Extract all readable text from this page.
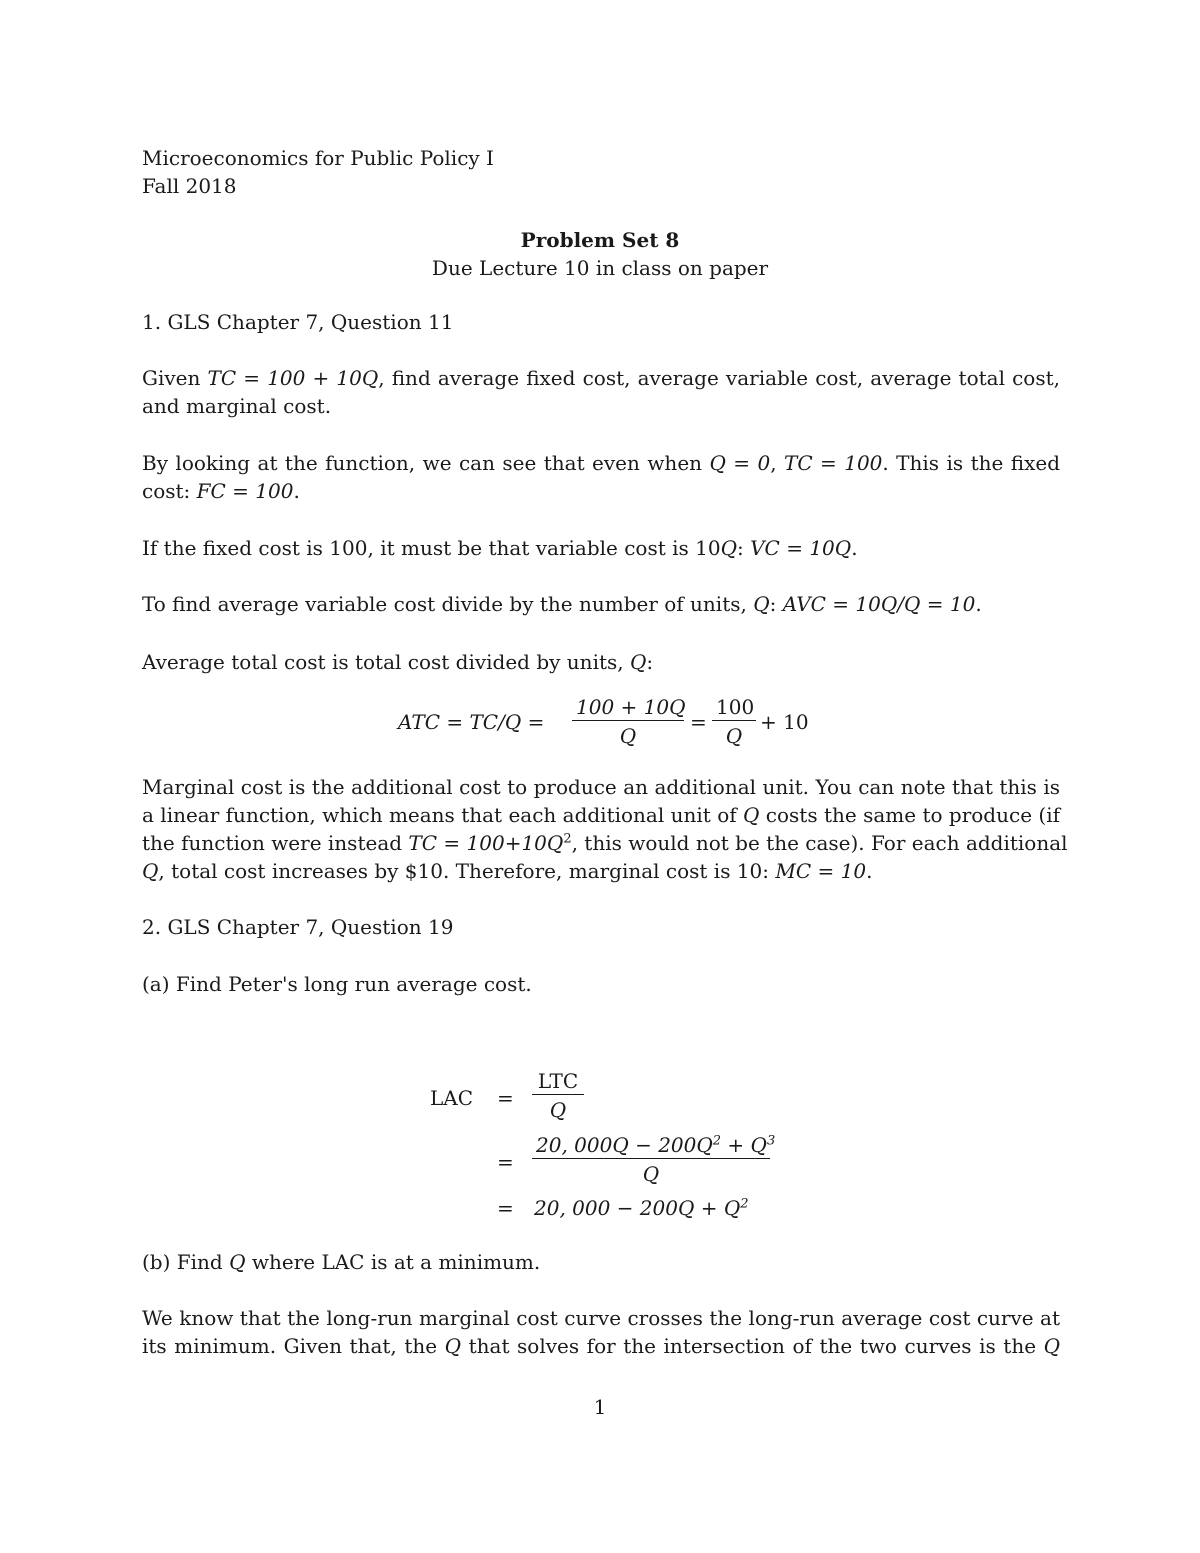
Microeconomics for Public Policy I
Fall 2018
Problem Set 8
Due Lecture 10 in class on paper
1. GLS Chapter 7, Question 11
Given TC = 100 + 10Q, find average fixed cost, average variable cost, average total cost,
and marginal cost.
By looking at the function, we can see that even when Q = 0, TC = 100. This is the fixed
cost: FC = 100.
If the fixed cost is 100, it must be that variable cost is 10Q: VC = 10Q.
To find average variable cost divide by the number of units, Q: AVC = 10Q/Q = 10.
Average total cost is total cost divided by units, Q:
ATC = TC/Q =
100 + 10Q
Q
=
100
Q
+ 10
Marginal cost is the additional cost to produce an additional unit. You can note that this is
a linear function, which means that each additional unit of Q costs the same to produce (if
the function were instead TC = $100+10Q^2$, this would not be the case). For each additional
Q, total cost increases by $10. Therefore, marginal cost is 10: MC = 10.
2. GLS Chapter 7, Question 19
(a) Find Peter's long run average cost.
LAC =
LTC
Q
=
20, $000Q - 200Q^2 + Q^3$
Q
= 20, $000 - 200Q + Q^2$
(b) Find Q where LAC is at a minimum.
We know that the long-run marginal cost curve crosses the long-run average cost curve at
its minimum. Given that, the Q that solves for the intersection of the two curves is the Q
1
